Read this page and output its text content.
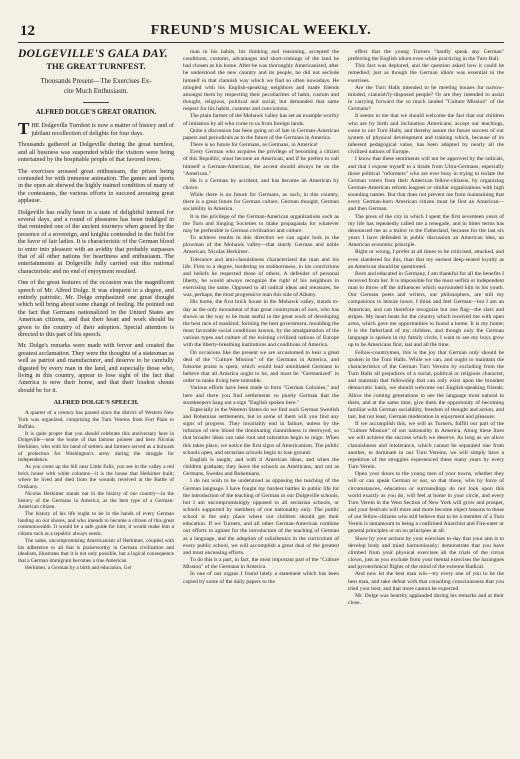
12	FREUND'S MUSICAL WEEKLY.
DOLGEVILLE'S GALA DAY.
THE GREAT TURNFEST.
Thousands Present—The Exercises Ex-
cite Much Enthusiasm.
ALFRED DOLGE'S GREAT ORATION.

THE Dolgeville Turnfest is now a matter of history and of jubilant recollection of delights for four days.

Thousands gathered at Dolgeville during the great turnfest, and all business was suspended while the visitors were being entertained by the hospitable people of that favored town.

The exercises aroused great enthusiasm, the prizes being contended for with immense animation. The games and sports in the open air showed the highly trained condition of many of the contestants, the various efforts to succeed arousing great applause.

Dolgeville has really been in a state of delightful turmoil for several days, and a round of pleasures has been indulged in that reminded one of the ancient tourneys when graced by the presence of a sovereign, and knights contended in the field for the favor of fair ladies. It is characteristic of the German blood to enter into pleasure with an avidity that probably surpasses that of all other nations for heartiness and enthusiasm. The entertainments at Dolgeville fully carried out this national characteristic and no end of enjoyment resulted.

One of the great features of the occasion was the magnificent speech of Mr. Alfred Dolge. It was eloquent to a degree, and entirely patriotic. Mr. Dolge emphasized one great thought which will bring about some change of feeling. He pointed out the fact that Germans nationalized in the United States are American citizens, and that their heart and work should be given to the country of their adoption. Special attention is directed to this part of his speech.

Mr. Dolge's remarks were made with fervor and created the greatest acclamation. They were the thoughts of a statesman as well as patriot and manufacturer, and deserve to be carefully digested by every man in the land, and especially those who, living in this country, appear to lose sight of the fact that America is now their home, and that their loudest shouts should be for it.

ALFRED DOLGE'S SPEECH.

A quarter of a century has passed since the district of Western New York was organized, comprising the Turn Vereins from Fort Plain to Buffalo.

It is quite proper that you should celebrate this anniversary here in Dolgeville—near the home of that famous pioneer and hero Nicolas Herkimer, who with his band of settlers and farmers served as a bulwark of protection for Washington's army during the struggle for independence.

As you come up the hill near Little Falls, you see in the valley a red brick house with white columns—it is the house that Herkimer built; where he lived and died from the wounds received at the Battle of Oriskany.

Nicolas Herkimer stands out in the history of our country—in the history of the Germans in America, as the best type of a German-American citizen.

The history of his life ought to be in the hands of every German landing on our shores, and who intends to become a citizen of this great commonwealth. It would be a safe guide for him; it would make him a citizen such as a republic always needs.

The same, uncompromising Americanism of Herkimer, coupled with his adherence to all that is praiseworthy in German civilization and idealism, illustrates that it is not only possible, but a logical consequence that a German immigrant becomes a true American.

Herkimer, a German by a birth and education, Ger

man in his habits, his thinking and reasoning, accepted the conditions, customs, advantages and short-comings of the land he had chosen as his home. After he was thoroughly Americanized, after he understood the new country and its people, he did not seclude himself in that clannish way which we find so often nowadays. He mingled with his English-speaking neighbors and made friends amongst them by respecting their peculiarities of habit, custom and thought, religious, political and social, but demanded that same respect for his habits, customs and convictions.

The plain farmer of the Mohawk valley has set an example worthy of imitation by all who come to us from foreign lands.

Quite a discussion has been going on of late in German-American papers and periodicals as to the future of the Germans in America.

There is no future for Germans, as Germans, in America!

Every German who acquires the privilege of becoming a citizen of this Republic, must become an American, and if he prefers to call himself a German-American, the accent should always be on the "American."

He is a German by accident, and has become an American by choice.

While there is no future for Germans, as such, in this country, there is a great future for German culture, German thought, German sociability in America.

It is the privilege of the German-American organizations such as the Turn and Singing Societies to make propaganda for whatever may be preferable in German civilization and culture.

To achieve results in this direction we can again look to the plowman of the Mohawk valley—that sturdy German and noble American, Nicolas Herkimer.

Tolerance and anti-clannishness characterized the man and his life. Firm to a degree, bordering on stubbornness, in his convictions and beliefs he respected those of others. A defender of personal liberty, he would always recognize the right of his neighbors in exercising the same. Opposed to all radical ideas and measures, he was, perhaps, the most progressive man this side of Albany.

His home, the first brick house in the Mohawk valley, stands to-day as the only monument of that great countryman of ours, who has shown us the way to be most useful in the great work of developing the best race of mankind; forming the best government, moulding the most favorable social conditions known, by the amalgamation of the various types and culture of the existing civilized nations of Europe with the liberty-breathing institutions and conditions of America.

On occasions like the present we are accustomed to hear a great deal of the "Culture Mission" of the Germans in America, and fulsome praise is spent, which would lead uninitiated Germans to believe that all America ought to be, and must be "Germanized" in order to make living here tolerable.

Various efforts have been made to form "German Colonies," and here and there you find settlements so purely German that the storekeepers hang out a sign "English spoken here."

Especially in the Western States do we find such German Swedish and Bohemian settlements, but in some of them will you find any signs of progress. They invariably end in failure, unless by the infusion of new blood the dominating clannishness is destroyed, so that broader ideas can take root and toleration begin to reign. When this takes place, we notice the first signs of Americanism. The public schools open, and sectarian schools begin to lose ground.

English is taught, and with it American ideas, and when the children graduate, they leave the schools as Americans, and not as Germans, Swedes and Bohemians.

I do not wish to be understood as opposing the teaching of the German language. I have fought my hardest battles in public life for the introduction of the teaching of German in our Dolgeville schools, but I am uncompromisingly opposed to all sectarian schools, or schools supported by members of one nationality only. The public school is the only place where our children should get their education. If we Turners, and all other German-American combine our efforts to agitate for the introduction of the teaching of German as a language, and the adoption of calisthenics in the curriculum of every public school, we will accomplish a great deal of the greatest and most unceasing efforts.

To do this is a part, in fact, the most important part of the "Culture Mission" of the Germans in America.

In one of our organs I found lately a statement which has been copied by some of the daily papers to the

effect that the young Turners "hardly speak any German" preferring the English idiom even while practicing in the Turn Hall.

This fact was deplored, and the question asked how it could be remedied; just as though the German idiom was essential to the exercises.

Are the Turn Halls intended to be meeting houses for narrow-minded, clannish'ly-disposed people? Or are they intended to assist in carrying forward the so much lauded "Culture Mission" of the Germans?

It seems to me that we should welcome the fact that our children who are by birth and inclination Americans, accept our teachings, come to our Turn Halls, and thereby assure the future success of our system of physical development and training which, because of its inherent pedagogical value, has been adopted by nearly all the civilized nations of Europe.

I know that these sentiments will not be approved by the radicals, and that I expose myself to a tirade from Ultra-Germans, especially those political "reformers" who are ever busy in trying to isolate the German voters from their American fellow-citizens, by organizing German-American reform leagues or similar organizations with high sounding names. But that does not prevent me from maintaining that every German-born American citizen must be first an American—and then German.

The press of the city in which I spent the first seventeen years of my life has repeatedly called me a renegade, and in bitter terms has denounced me as a traitor to the Fatherland, because for the last six years I have defended in public discussion an American idea, an American economic principle.

Right or wrong, I prefer at all times to be criticised, attacked, and even slandered for this, than that my earnest deep-seated loyalty as an American should be questioned.

Born and educated in Germany, I am thankful for all the benefits I received from her. It is impossible for the most selfish or independent man to throw off the influences which surrounded him in his youth. Our German poets and writers, our philosophers, are still my companions in leisure hours. I think and feel German—but I am an American, and can therefore recognize but one flag—the stars and stripes. My heart beats for the country which received me with open arms, which gave me opportunities to found a home. It is my home; it is the fatherland of my children, and though only the German language is spoken in my family circle, I want to see my boys grow up to be Americans first, last and all the time.

Fellow-countrymen, this is the joy that German only should be spoken in the Turn Halls. While we can, and ought to maintain the characteristics of the German Turn Vereins by excluding from the Turn Halls all prejudices of a social, political or religious character, and maintain that fellowship that can only exist upon the broadest democratic basis, we should welcome our English-speaking friends. Allow the coming generations to use the language most natural to them, and at the same time, give them the opportunity of becoming familiar with German sociability, freedom of thought and action, and last, but not least, German moderation in enjoyment and pleasure.

If we accomplish this, we will as Turners, fulfill our part of the "Culture Mission" of our nationality in America. Along these lines we will achieve the success which we deserve. As long as we allow clannishness and intolerance, which cannot be separated one from another, to dominate in our Turn Vereins, we will simply have a repetition of the struggles experienced these many years by every Turn Verein.

Open your doors to the young men of your towns, whether they will or can speak German or not, so that those, who by force of circumstances, education or surroundings do not look upon this world exactly as you do, will feel at home in your circle, and every Turn Verein in the West Section of New York will grow and prosper, and your festivals will more and more become object lessons to those of our fellow-citizens who still believe that to be a member of a Turn Verein is tantamount to being a confirmed Anarchist and Fire-eater or general principles or on no principles at all.

Show by your actions by your exercises to-day that your aim is to develop body and mind harmoniously; demonstrate that you have climbed from your physical exercises all the trials of the circus clown, just as you exclude from your mental exercises the harangues and pyrotechnical flights of the mind of the extreme Radical.

And now let the best man win—try every one of you to be the best man, and take defeat with that consoling consciousness that you tried your best, and that more cannot be expected.

Mr. Dolge was heartily applauded during his remarks and at their close.
